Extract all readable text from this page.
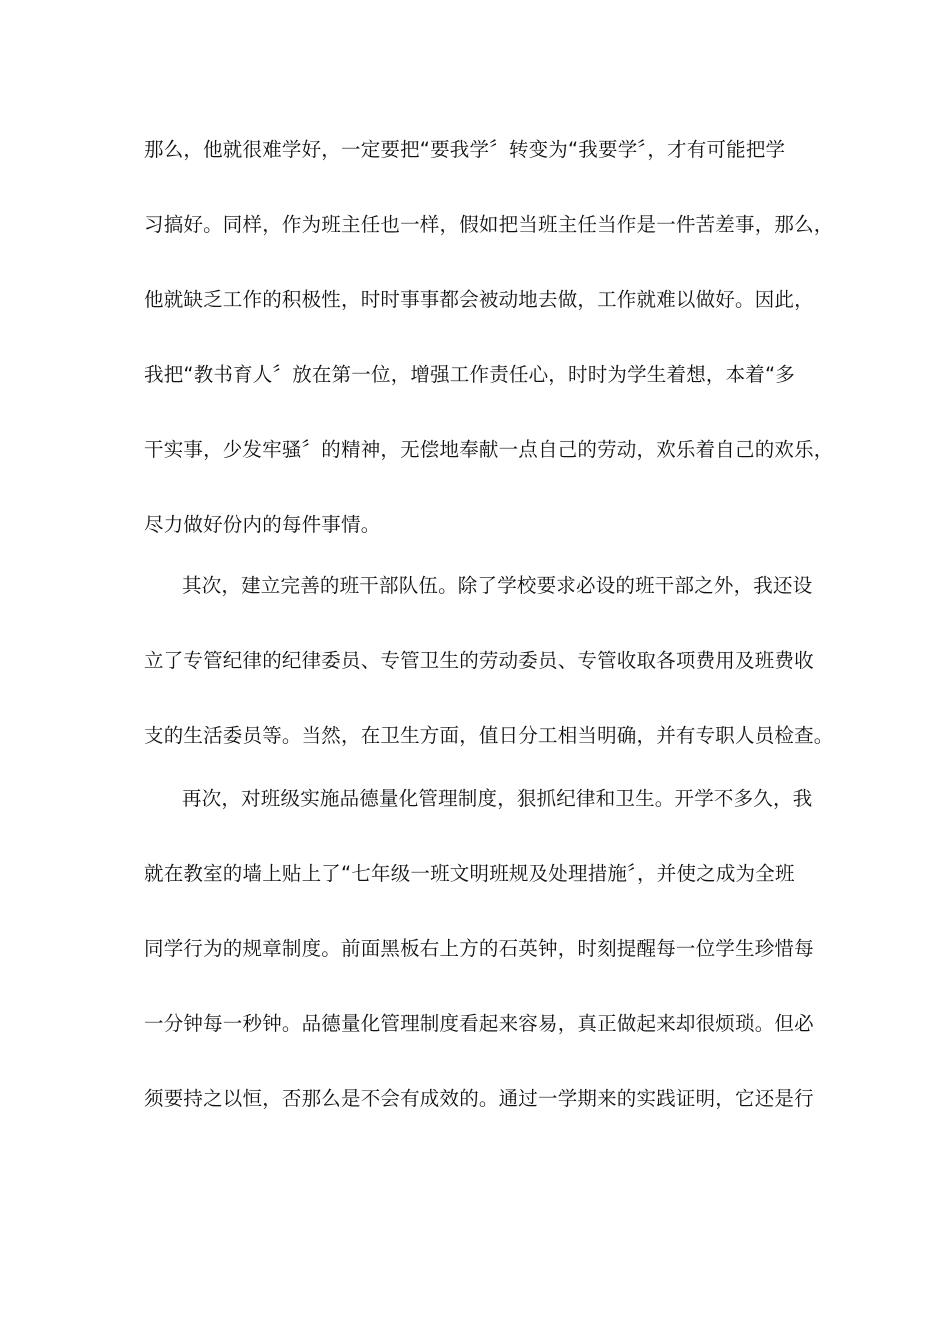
那么，他就很难学好，一定要把“要我学〞转变为“我要学〞，才有可能把学
习搞好。同样，作为班主任也一样，假如把当班主任当作是一件苦差事，那么，
他就缺乏工作的积极性，时时事事都会被动地去做，工作就难以做好。因此，
我把“教书育人〞放在第一位，增强工作责任心，时时为学生着想，本着“多
干实事，少发牢骚〞的精神，无偿地奉献一点自己的劳动，欢乐着自己的欢乐，
尽力做好份内的每件事情。
其次，建立完善的班干部队伍。除了学校要求必设的班干部之外，我还设
立了专管纪律的纪律委员、专管卫生的劳动委员、专管收取各项费用及班费收
支的生活委员等。当然，在卫生方面，值日分工相当明确，并有专职人员检查。
再次，对班级实施品德量化管理制度，狠抓纪律和卫生。开学不多久，我
就在教室的墙上贴上了“七年级一班文明班规及处理措施〞，并使之成为全班
同学行为的规章制度。前面黑板右上方的石英钟，时刻提醒每一位学生珍惜每
一分钟每一秒钟。品德量化管理制度看起来容易，真正做起来却很烦琐。但必
须要持之以恒，否那么是不会有成效的。通过一学期来的实践证明，它还是行
